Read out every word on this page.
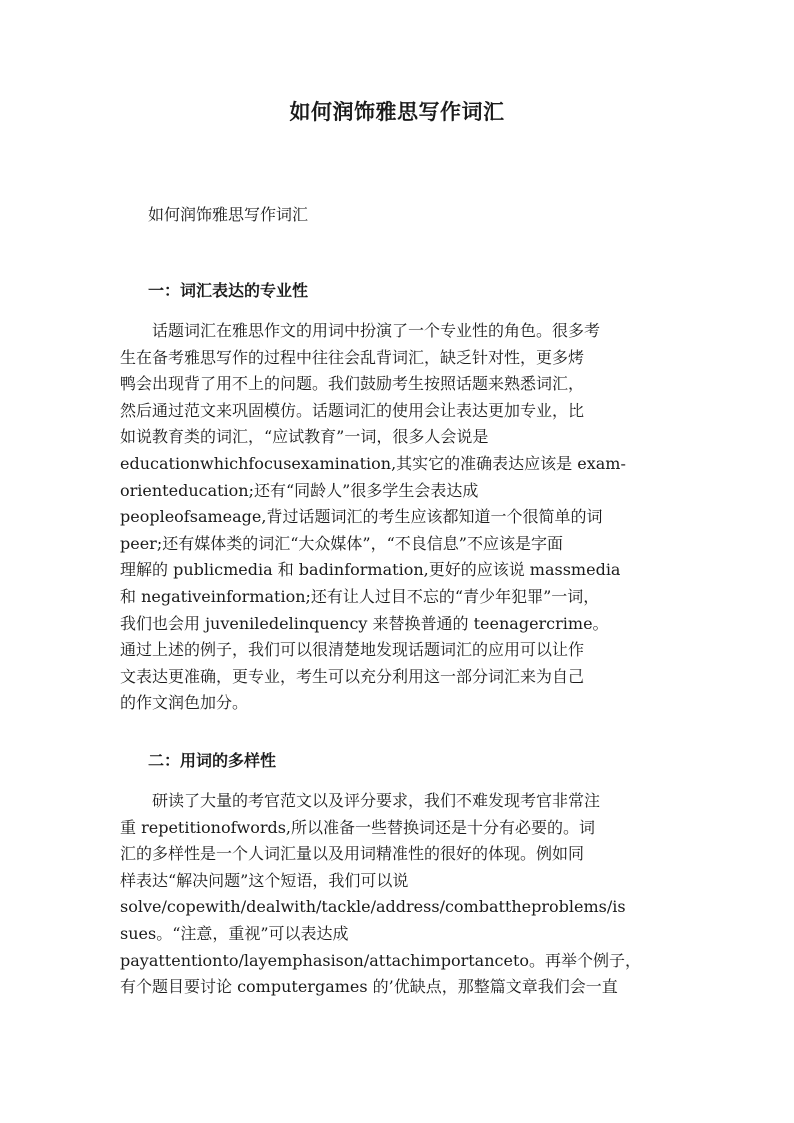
如何润饰雅思写作词汇
如何润饰雅思写作词汇
一：词汇表达的专业性
　　话题词汇在雅思作文的用词中扮演了一个专业性的角色。很多考
生在备考雅思写作的过程中往往会乱背词汇，缺乏针对性，更多烤
鸭会出现背了用不上的问题。我们鼓励考生按照话题来熟悉词汇，
然后通过范文来巩固模仿。话题词汇的使用会让表达更加专业，比
如说教育类的词汇，“应试教育”一词，很多人会说是
educationwhichfocusexamination,其实它的准确表达应该是 exam-
orienteducation;还有“同龄人”很多学生会表达成
peopleofsameage,背过话题词汇的考生应该都知道一个很简单的词
peer;还有媒体类的词汇“大众媒体”，“不良信息”不应该是字面
理解的 publicmedia 和 badinformation,更好的应该说 massmedia
和 negativeinformation;还有让人过目不忘的“青少年犯罪”一词，
我们也会用 juveniledelinquency 来替换普通的 teenagercrime。
通过上述的例子，我们可以很清楚地发现话题词汇的应用可以让作
文表达更准确，更专业，考生可以充分利用这一部分词汇来为自己
的作文润色加分。
二：用词的多样性
　　研读了大量的考官范文以及评分要求，我们不难发现考官非常注
重 repetitionofwords,所以准备一些替换词还是十分有必要的。词
汇的多样性是一个人词汇量以及用词精准性的很好的体现。例如同
样表达“解决问题”这个短语，我们可以说
solve/copewith/dealwith/tackle/address/combattheproblems/is
sues。“注意，重视”可以表达成
payattentionto/layemphasison/attachimportanceto。再举个例子，
有个题目要讨论 computergames 的’优缺点，那整篇文章我们会一直
